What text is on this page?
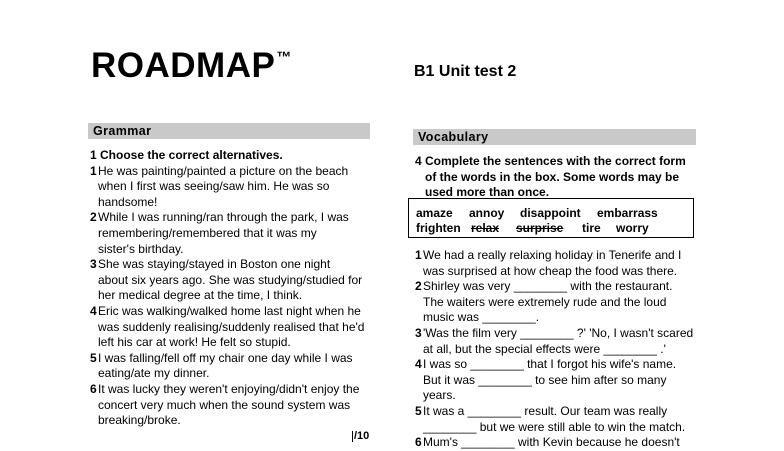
ROADMAP™
B1 Unit test 2
Grammar	Vocabulary
1 Choose the correct alternatives.
1He was painting/painted a picture on the beach
when I first was seeing/saw him. He was so
handsome!
2While I was running/ran through the park, I was
remembering/remembered that it was my
sister's birthday.
3She was staying/stayed in Boston one night
about six years ago. She was studying/studied for
her medical degree at the time, I think.
4Eric was walking/walked home last night when he
was suddenly realising/suddenly realised that he'd
left his car at work! He felt so stupid.
5I was falling/fell off my chair one day while I was
eating/ate my dinner.
6It was lucky they weren't enjoying/didn't enjoy the
concert very much when the sound system was
breaking/broke.
4 Complete the sentences with the correct form
of the words in the box. Some words may be
used more than once.
amaze annoy disappoint embarrass
frighten relax surprise tire worry
1We had a really relaxing holiday in Tenerife and I
was surprised at how cheap the food was there.
2Shirley was very ________ with the restaurant.
The waiters were extremely rude and the loud
music was ________.
3'Was the film very ________ ?' 'No, I wasn't scared
at all, but the special effects were ________ .'
4I was so ________ that I forgot his wife's name.
But it was ________ to see him after so many
years.
5It was a ________ result. Our team was really
________ but we were still able to win the match.
6Mum's ________ with Kevin because he doesn't
/10
